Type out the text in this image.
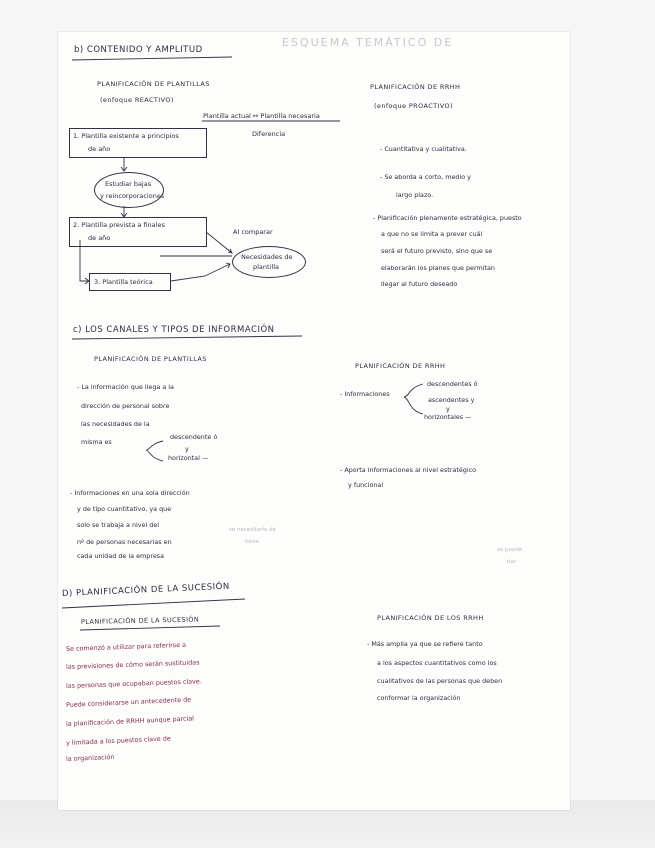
ESQUEMA TEMÁTICO DE
b) CONTENIDO Y AMPLITUD
PLANIFICACIÓN DE PLANTILLAS
(enfoque REACTIVO)
Plantilla actual ↔ Plantilla necesaria
Diferencia
1. Plantilla existente a principios
de año
Estudiar bajas
y reincorporaciones
2. Plantilla prevista a finales
de año
Al comparar
Necesidades de
plantilla
3. Plantilla teórica
PLANIFICACIÓN DE RRHH
(enfoque PROACTIVO)
- Cuantitativa y cualitativa.
- Se aborda a corto, medio y
largo plazo.
- Planificación plenamente estratégica, puesto
a que no se limita a prever cuál
será el futuro previsto, sino que se
elaborarán los planes que permitan
llegar al futuro deseado
c) LOS CANALES Y TIPOS DE INFORMACIÓN
PLANIFICACIÓN DE PLANTILLAS
- La información que llega a la
dirección de personal sobre
las necesidades de la
misma es
descendente ó
y
horizontal —
- Informaciones en una sola dirección
y de tipo cuantitativo, ya que
solo se trabaja a nivel del
nº de personas necesarias en
cada unidad de la empresa
se necesitaría de
tiene
PLANIFICACIÓN DE RRHH
- Informaciones
descendentes ó
ascendentes y
y
horizontales —
- Aporta informaciones al nivel estratégico
y funcional
se puede
dar
D) PLANIFICACIÓN DE LA SUCESIÓN
PLANIFICACIÓN DE LA SUCESIÓN
Se comenzó a utilizar para referirse a
las previsiones de cómo serán sustituidas
las personas que ocupaban puestos clave.
Puede considerarse un antecedente de
la planificación de RRHH aunque parcial
y limitada a los puestos clave de
la organización
PLANIFICACIÓN DE LOS RRHH
- Más amplia ya que se refiere tanto
a los aspectos cuantitativos como los
cualitativos de las personas que deben
conformar la organización
